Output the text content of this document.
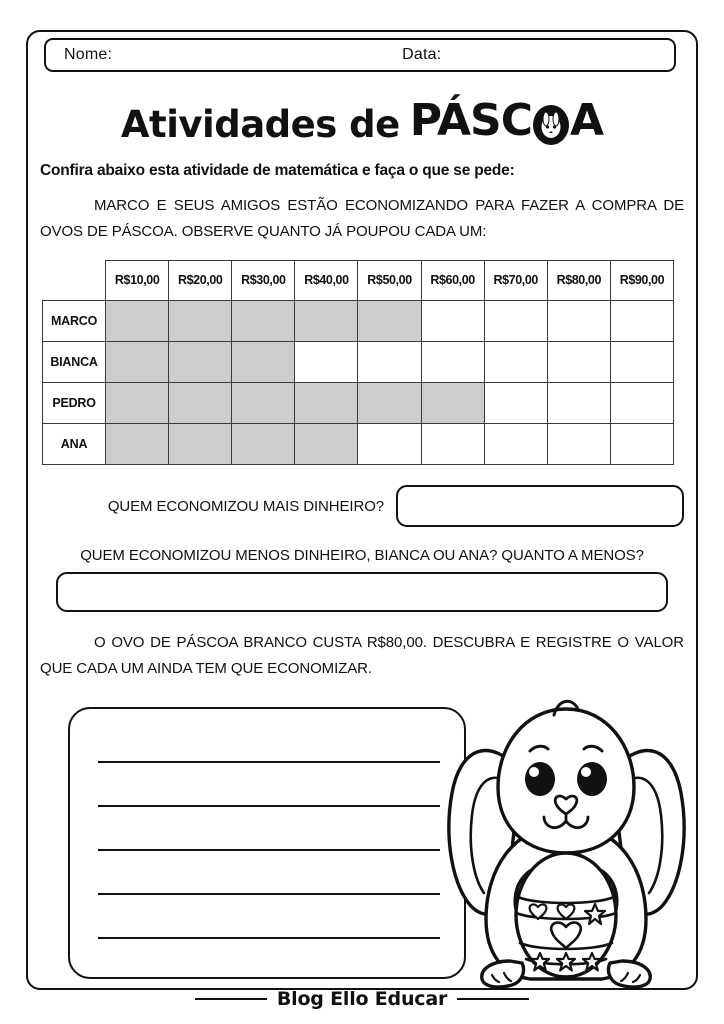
Nome:	Data:
Atividades de PÁSC A
Confira abaixo esta atividade de matemática e faça o que se pede:
MARCO E SEUS AMIGOS ESTÃO ECONOMIZANDO PARA FAZER A COMPRA DE OVOS DE PÁSCOA. OBSERVE QUANTO JÁ POUPOU CADA UM:
	R$10,00	R$20,00	R$30,00	R$40,00	R$50,00	R$60,00	R$70,00	R$80,00	R$90,00
MARCO									
BIANCA									
PEDRO									
ANA									
QUEM ECONOMIZOU MAIS DINHEIRO?
QUEM ECONOMIZOU MENOS DINHEIRO, BIANCA OU ANA? QUANTO A MENOS?
O OVO DE PÁSCOA BRANCO CUSTA R$80,00. DESCUBRA E REGISTRE O VALOR QUE CADA UM AINDA TEM QUE ECONOMIZAR.
Blog Ello Educar
